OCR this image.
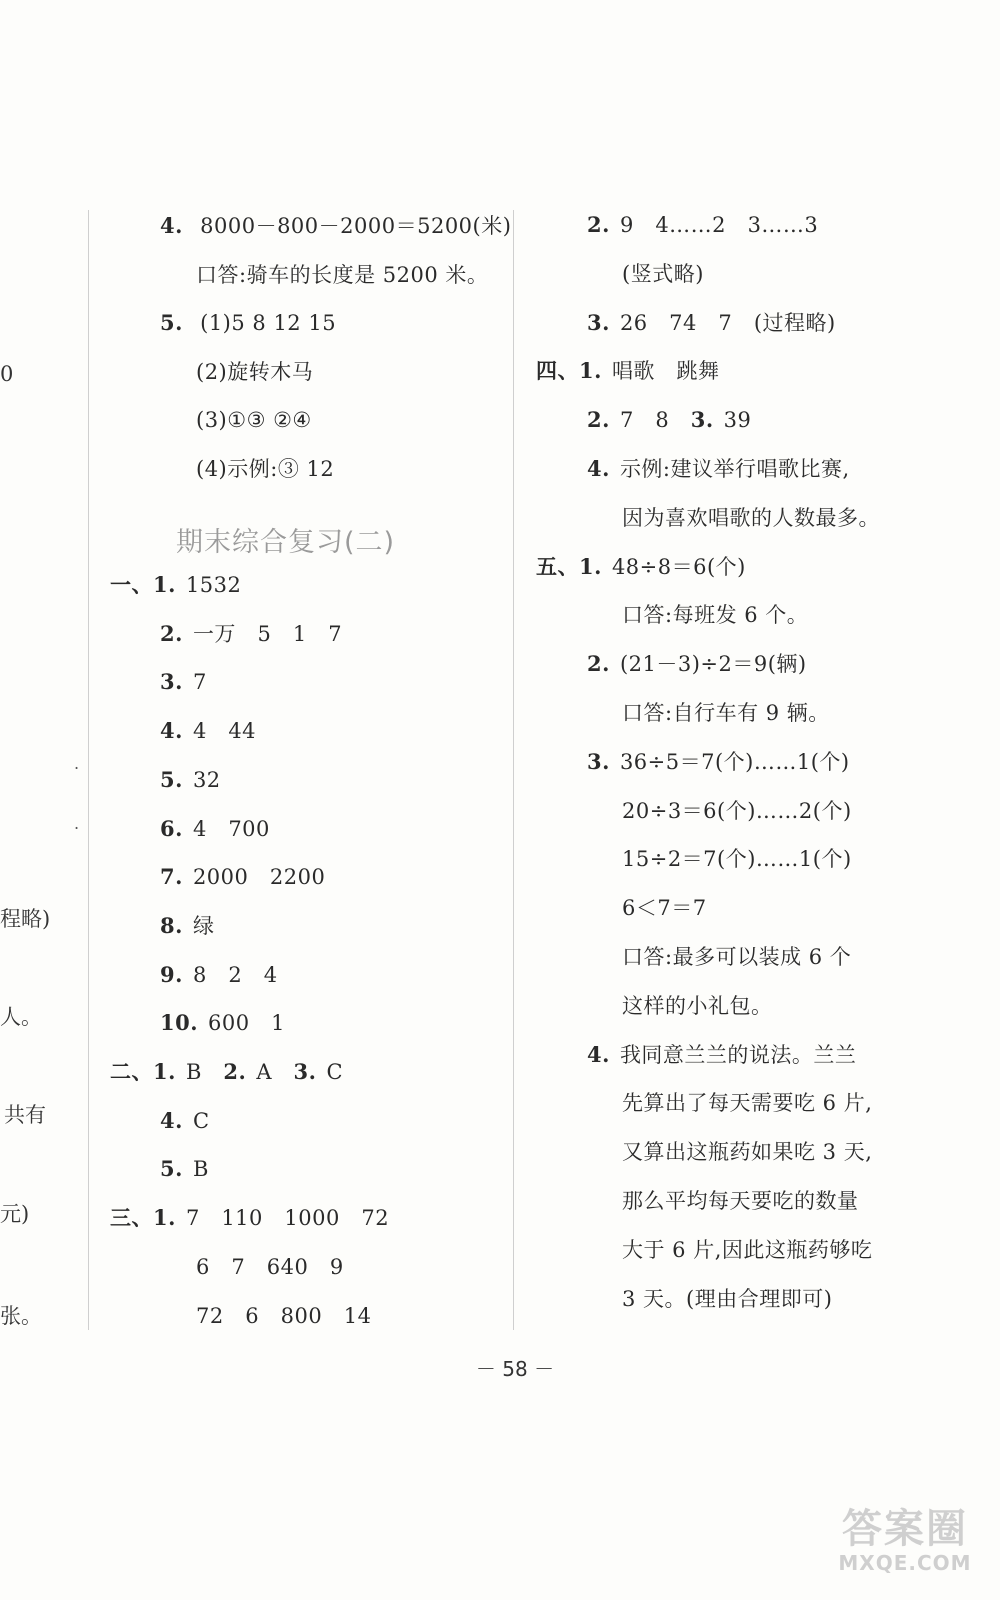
0
.
.
程略)
人。
共有
元)
张。
4. 8000－800－2000＝5200(米)
口答:骑车的长度是 5200 米。
5. (1)5 8 12 15
(2)旋转木马
(3)①③ ②④
(4)示例:③ 12
期末综合复习(二)
一、1. 1532
2. 一万   5   1   7
3. 7
4. 4   44
5. 32
6. 4   700
7. 2000   2200
8. 绿
9. 8   2   4
10. 600   1
二、1. B   2. A   3. C
4. C
5. B
三、1. 7   110   1000   72
6   7   640   9
72   6   800   14
2. 9   4……2   3……3
(竖式略)
3. 26   74   7   (过程略)
四、1. 唱歌   跳舞
2. 7   8   3. 39
4. 示例:建议举行唱歌比赛,
因为喜欢唱歌的人数最多。
五、1. 48÷8＝6(个)
口答:每班发 6 个。
2. (21－3)÷2＝9(辆)
口答:自行车有 9 辆。
3. 36÷5＝7(个)……1(个)
20÷3＝6(个)……2(个)
15÷2＝7(个)……1(个)
6＜7＝7
口答:最多可以装成 6 个
这样的小礼包。
4. 我同意兰兰的说法。兰兰
先算出了每天需要吃 6 片,
又算出这瓶药如果吃 3 天,
那么平均每天要吃的数量
大于 6 片,因此这瓶药够吃
3 天。(理由合理即可)
－ 58 －
答案圈
MXQE.COM
